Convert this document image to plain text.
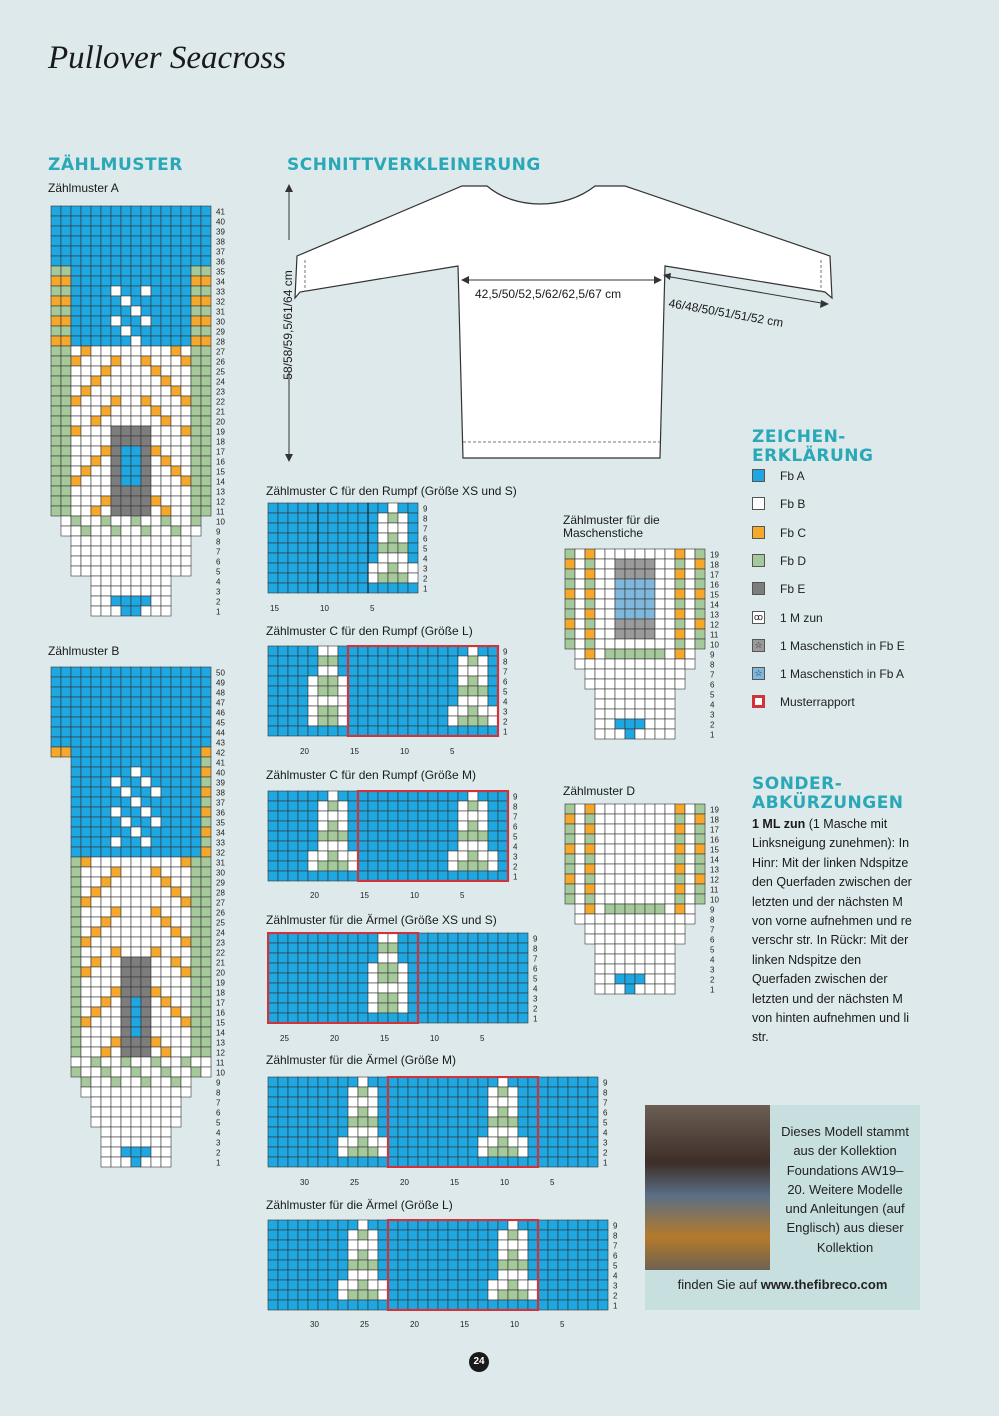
Pullover Seacross
ZÄHLMUSTER
Zählmuster A
Zählmuster B
SCHNITTVERKLEINERUNG
58/58/59,5/61/64 cm	42,5/50/52,5/62/62,5/67 cm
46/48/50/51/51/52 cm
Zählmuster C für den Rumpf (Größe XS und S)
Zählmuster C für den Rumpf (Größe L)
Zählmuster C für den Rumpf (Größe M)
Zählmuster für die Ärmel (Größe XS und S)
Zählmuster für die Ärmel (Größe M)
Zählmuster für die Ärmel (Größe L)
Zählmuster für die Maschenstiche
Zählmuster D
1
2
3
4
5
6
7
8
9
10
11
12
13
14
15
16
17
18
19
20
21
22
23
24
25
26
27
28
29
30
31
32
33
34
35
36
37
38
39
40
41
1
2
3
4
5
6
7
8
9
10
11
12
13
14
15
16
17
18
19
20
21
22
23
24
25
26
27
28
29
30
31
32
33
34
35
36
37
38
39
40
41
42
43
44
45
46
47
48
49
50
1
2
3
4
5
6
7
8
9
1
2
3
4
5
6
7
8
9
1
2
3
4
5
6
7
8
9
1
2
3
4
5
6
7
8
9
1
2
3
4
5
6
7
8
9
1
2
3
4
5
6
7
8
9
1
2
3
4
5
6
7
8
9
10
11
12
13
14
15
16
17
18
19
1
2
3
4
5
6
7
8
9
10
11
12
13
14
15
16
17
18
19
15	10	5
20	15	10	5
20	15	10	5
25	20	15	10	5
30	25	20	15	10	5
30	25	20	15	10	5
ZEICHEN-
ERKLÄRUNG
Fb A
Fb B
Fb C
Fb D
Fb E
ꝏ 1 M zun
☆ 1 Maschenstich in Fb E
☆ 1 Maschenstich in Fb A
Musterrapport
SONDER-
ABKÜRZUNGEN
1 ML zun (1 Masche mit Linksneigung zunehmen): In Hinr: Mit der linken Ndspitze den Querfaden zwischen der letzten und der nächsten M von vorne aufnehmen und re verschr str. In Rückr: Mit der linken Ndspitze den Querfaden zwischen der letzten und der nächsten M von hinten aufnehmen und li str.
Dieses Modell stammt aus der Kollektion Foundations AW19–20. Weitere Modelle und Anleitungen (auf Englisch) aus dieser Kollektion
finden Sie auf www.thefibreco.com
24
